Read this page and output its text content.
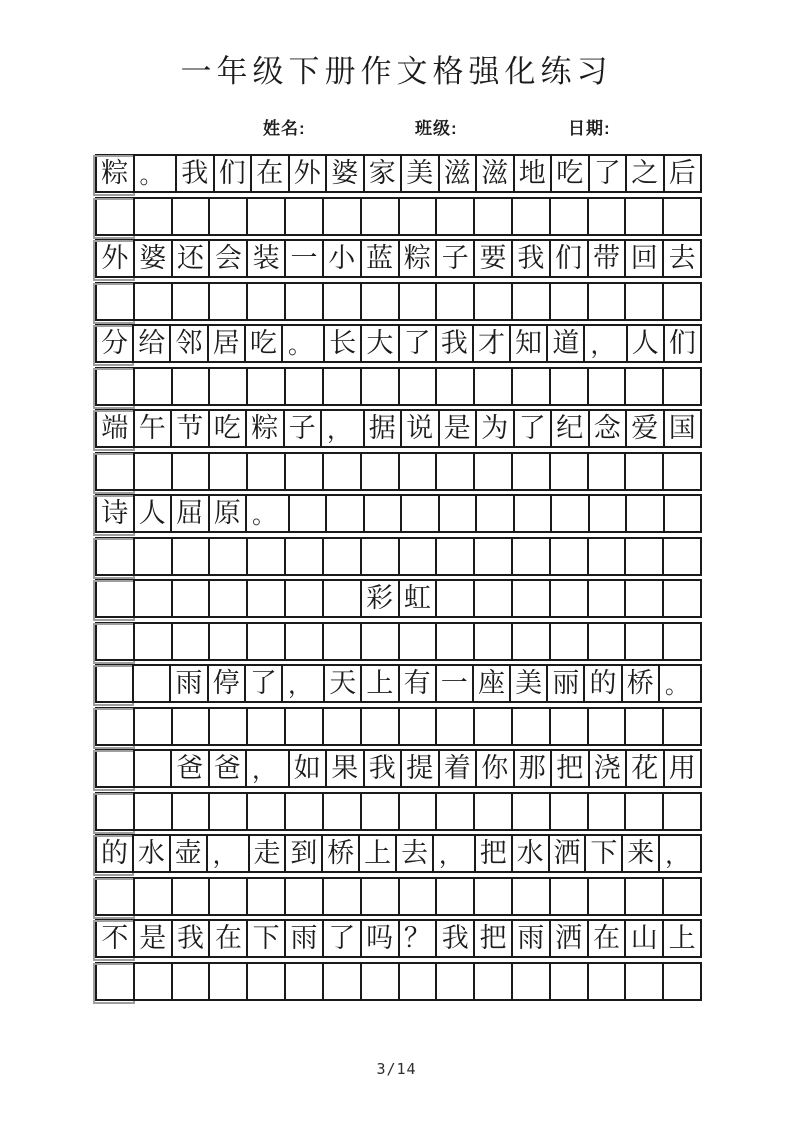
一年级下册作文格强化练习
姓名:	班级:	日期:
粽 。 我 们 在 外 婆 家 美 滋 滋 地 吃 了 之 后
外 婆 还 会 装 一 小 蓝 粽 子 要 我 们 带 回 去
分 给 邻 居 吃 。 长 大 了 我 才 知 道 ， 人 们
端 午 节 吃 粽 子 ， 据 说 是 为 了 纪 念 爱 国
诗 人 屈 原 。
彩 虹
雨 停 了 ， 天 上 有 一 座 美 丽 的 桥 。
爸 爸 ， 如 果 我 提 着 你 那 把 浇 花 用
的 水 壶 ， 走 到 桥 上 去 ， 把 水 洒 下 来 ，
不 是 我 在 下 雨 了 吗 ？ 我 把 雨 洒 在 山 上
3/14
